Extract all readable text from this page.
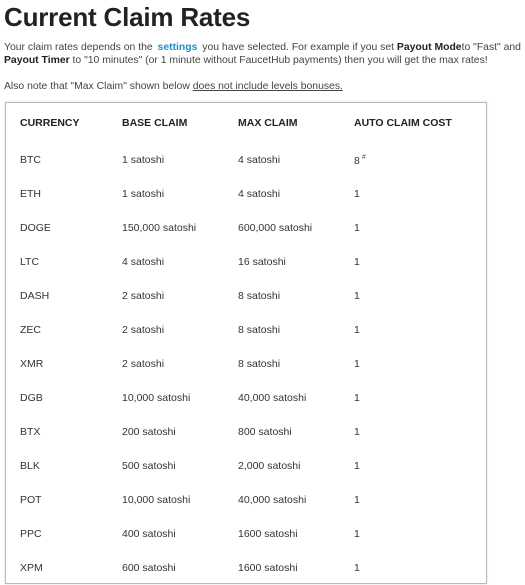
Current Claim Rates

Your claim rates depends on the settings you have selected. For example if you set Payout Modeto "Fast" and Payout Timer to "10 minutes" (or 1 minute without FaucetHub payments) then you will get the max rates!

Also note that "Max Claim" shown below does not include levels bonuses.

CURRENCY	BASE CLAIM	MAX CLAIM	AUTO CLAIM COST
BTC	1 satoshi	4 satoshi	8 #
ETH	1 satoshi	4 satoshi	1
DOGE	150,000 satoshi	600,000 satoshi	1
LTC	4 satoshi	16 satoshi	1
DASH	2 satoshi	8 satoshi	1
ZEC	2 satoshi	8 satoshi	1
XMR	2 satoshi	8 satoshi	1
DGB	10,000 satoshi	40,000 satoshi	1
BTX	200 satoshi	800 satoshi	1
BLK	500 satoshi	2,000 satoshi	1
POT	10,000 satoshi	40,000 satoshi	1
PPC	400 satoshi	1600 satoshi	1
XPM	600 satoshi	1600 satoshi	1
